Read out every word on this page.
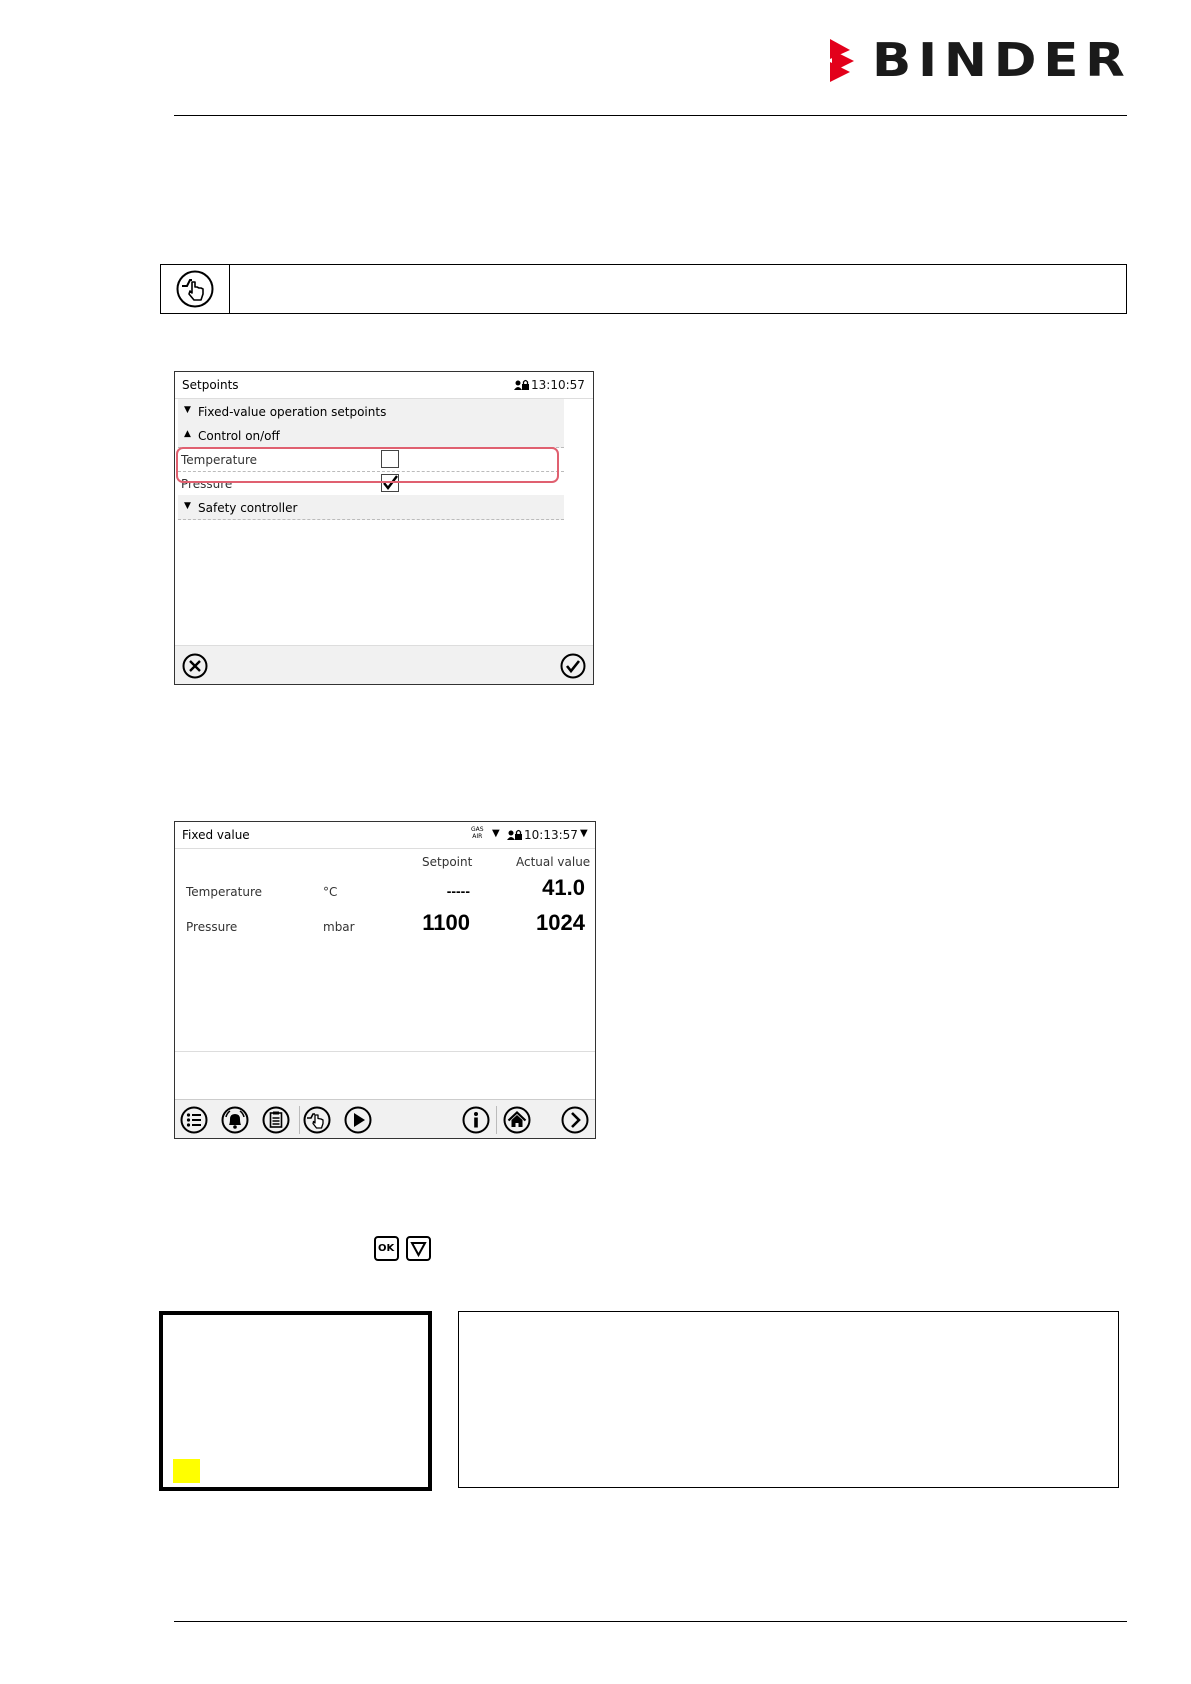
BINDER
Setpoints	13:10:57
▼ Fixed-value operation setpoints
▲ Control on/off
Temperature
Pressure
▼ Safety controller
Fixed value	GAS
AIR ▼ 10:13:57 ▼
Setpoint	Actual value
Temperature	°C	-----	41.0
Pressure	mbar	1100	1024
OK
